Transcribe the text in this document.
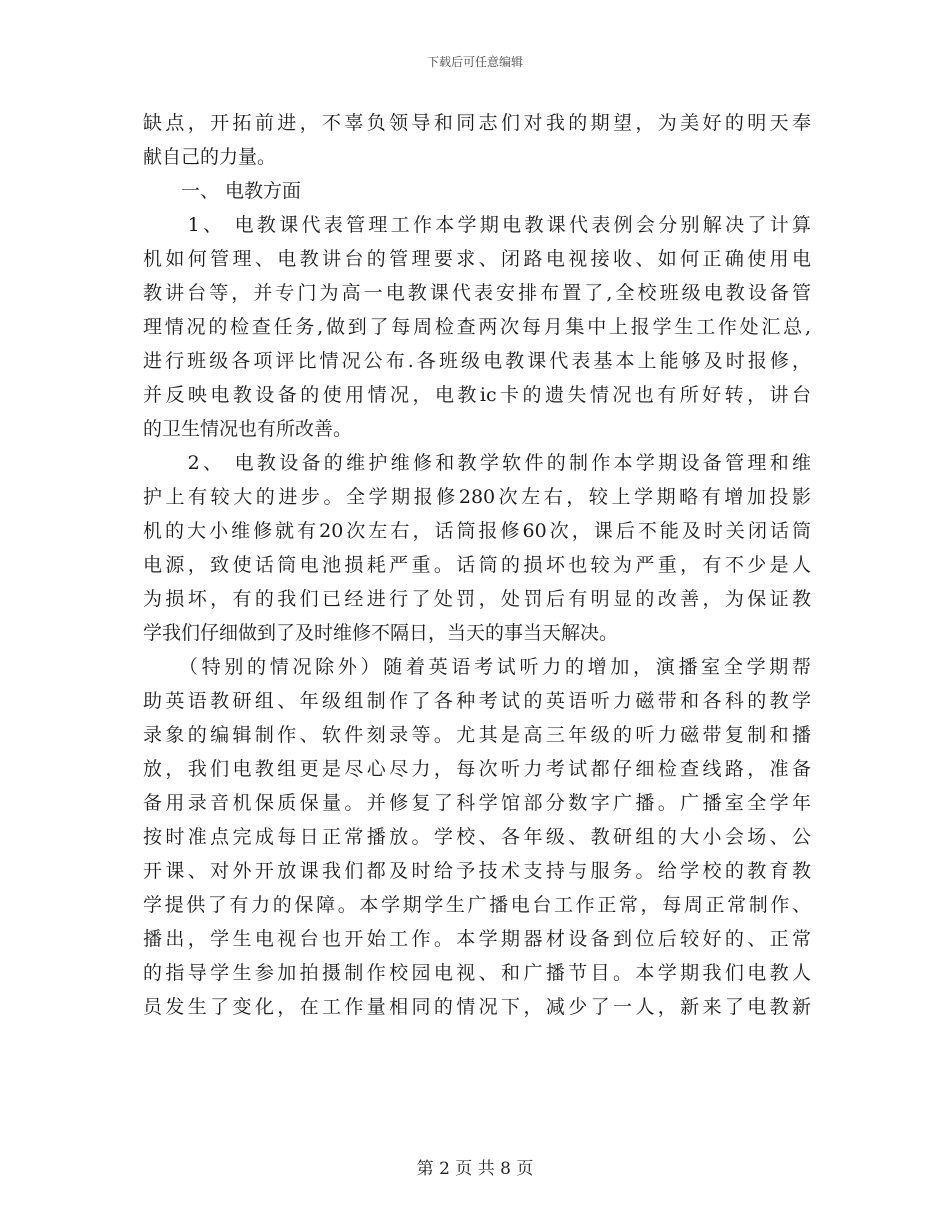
下载后可任意编辑
缺点，开拓前进，不辜负领导和同志们对我的期望，为美好的明天奉
献自己的力量。
　　一、 电教方面
　　1、 电教课代表管理工作本学期电教课代表例会分别解决了计算
机如何管理、电教讲台的管理要求、闭路电视接收、如何正确使用电
教讲台等，并专门为高一电教课代表安排布置了,全校班级电教设备管
理情况的检查任务,做到了每周检查两次每月集中上报学生工作处汇总,
进行班级各项评比情况公布.各班级电教课代表基本上能够及时报修，
并反映电教设备的使用情况，电教ic卡的遗失情况也有所好转，讲台
的卫生情况也有所改善。
　　2、 电教设备的维护维修和教学软件的制作本学期设备管理和维
护上有较大的进步。全学期报修280次左右，较上学期略有增加投影
机的大小维修就有20次左右，话筒报修60次，课后不能及时关闭话筒
电源，致使话筒电池损耗严重。话筒的损坏也较为严重，有不少是人
为损坏，有的我们已经进行了处罚，处罚后有明显的改善，为保证教
学我们仔细做到了及时维修不隔日，当天的事当天解决。
　　（特别的情况除外）随着英语考试听力的增加，演播室全学期帮
助英语教研组、年级组制作了各种考试的英语听力磁带和各科的教学
录象的编辑制作、软件刻录等。尤其是高三年级的听力磁带复制和播
放，我们电教组更是尽心尽力，每次听力考试都仔细检查线路，准备
备用录音机保质保量。并修复了科学馆部分数字广播。广播室全学年
按时准点完成每日正常播放。学校、各年级、教研组的大小会场、公
开课、对外开放课我们都及时给予技术支持与服务。给学校的教育教
学提供了有力的保障。本学期学生广播电台工作正常，每周正常制作、
播出，学生电视台也开始工作。本学期器材设备到位后较好的、正常
的指导学生参加拍摄制作校园电视、和广播节目。本学期我们电教人
员发生了变化，在工作量相同的情况下，减少了一人，新来了电教新
第 2 页 共 8 页
